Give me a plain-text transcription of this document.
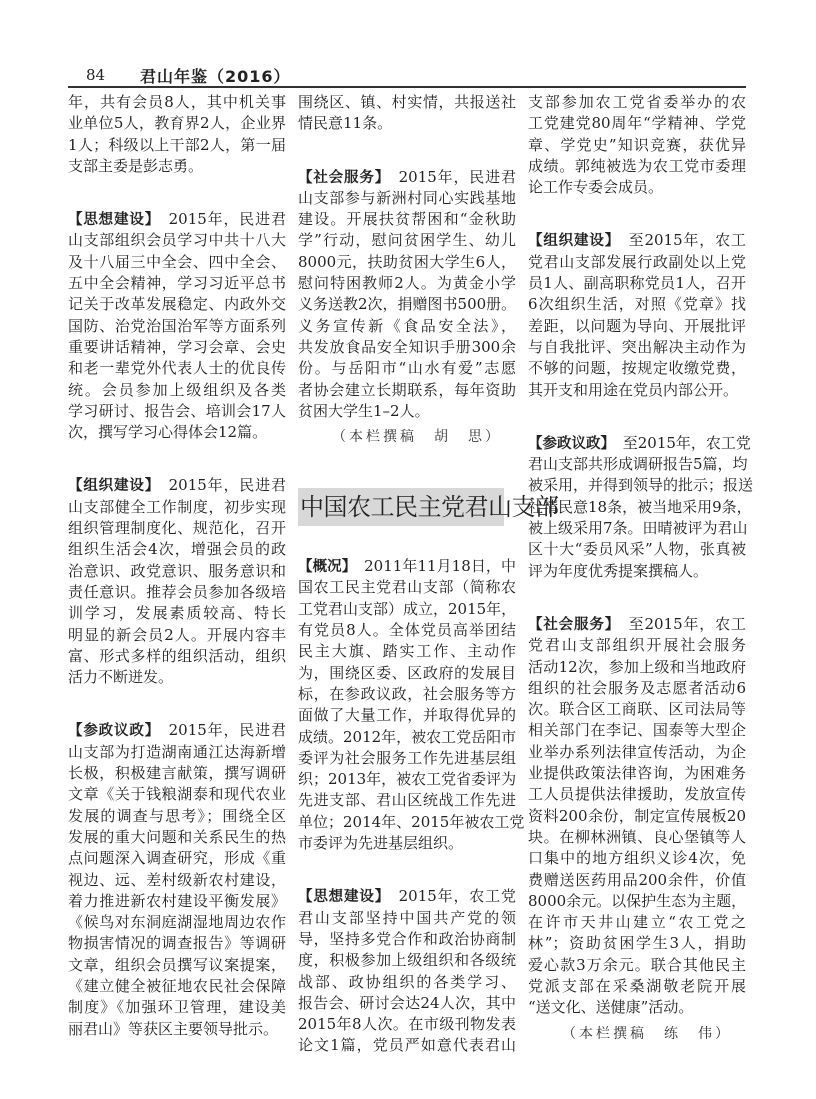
84 君山年鉴（2016）
年，共有会员8人，其中机关事
业单位5人，教育界2人，企业界
1人；科级以上干部2人，第一届
支部主委是彭志勇。
【思想建设】　2015年，民进君
山支部组织会员学习中共十八大
及十八届三中全会、四中全会、
五中全会精神，学习习近平总书
记关于改革发展稳定、内政外交
国防、治党治国治军等方面系列
重要讲话精神，学习会章、会史
和老一辈党外代表人士的优良传
统。会员参加上级组织及各类
学习研讨、报告会、培训会17人
次，撰写学习心得体会12篇。
【组织建设】　2015年，民进君
山支部健全工作制度，初步实现
组织管理制度化、规范化，召开
组织生活会4次，增强会员的政
治意识、政党意识、服务意识和
责任意识。推荐会员参加各级培
训学习，发展素质较高、特长
明显的新会员2人。开展内容丰
富、形式多样的组织活动，组织
活力不断迸发。
【参政议政】　2015年，民进君
山支部为打造湖南通江达海新增
长极，积极建言献策，撰写调研
文章《关于钱粮湖泰和现代农业
发展的调查与思考》；围绕全区
发展的重大问题和关系民生的热
点问题深入调查研究，形成《重
视边、远、差村级新农村建设，
着力推进新农村建设平衡发展》
《候鸟对东洞庭湖湿地周边农作
物损害情况的调查报告》等调研
文章，组织会员撰写议案提案，
《建立健全被征地农民社会保障
制度》《加强环卫管理，建设美
丽君山》等获区主要领导批示。
围绕区、镇、村实情，共报送社
情民意11条。
【社会服务】　2015年，民进君
山支部参与新洲村同心实践基地
建设。开展扶贫帮困和“金秋助
学”行动，慰问贫困学生、幼儿
8000元，扶助贫困大学生6人，
慰问特困教师2人。为黄金小学
义务送教2次，捐赠图书500册。
义务宣传新《食品安全法》，
共发放食品安全知识手册300余
份。与岳阳市“山水有爱”志愿
者协会建立长期联系，每年资助
贫困大学生1–2人。
（本栏撰稿　胡　思）
中国农工民主党君山支部
【概况】　2011年11月18日，中
国农工民主党君山支部（简称农
工党君山支部）成立，2015年，
有党员8人。全体党员高举团结
民主大旗、踏实工作、主动作
为，围绕区委、区政府的发展目
标，在参政议政，社会服务等方
面做了大量工作，并取得优异的
成绩。2012年，被农工党岳阳市
委评为社会服务工作先进基层组
织；2013年，被农工党省委评为
先进支部、君山区统战工作先进
单位；2014年、2015年被农工党
市委评为先进基层组织。
【思想建设】　2015年，农工党
君山支部坚持中国共产党的领
导，坚持多党合作和政治协商制
度，积极参加上级组织和各级统
战部、政协组织的各类学习、
报告会、研讨会达24人次，其中
2015年8人次。在市级刊物发表
论文1篇，党员严如意代表君山
支部参加农工党省委举办的农
工党建党80周年“学精神、学党
章、学党史”知识竞赛，获优异
成绩。郭纯被选为农工党市委理
论工作专委会成员。
【组织建设】　至2015年，农工
党君山支部发展行政副处以上党
员1人、副高职称党员1人，召开
6次组织生活，对照《党章》找
差距，以问题为导向、开展批评
与自我批评、突出解决主动作为
不够的问题，按规定收缴党费，
其开支和用途在党员内部公开。
【参政议政】　至2015年，农工党
君山支部共形成调研报告5篇，均
被采用，并得到领导的批示；报送
社情民意18条，被当地采用9条，
被上级采用7条。田晴被评为君山
区十大“委员风采”人物，张真被
评为年度优秀提案撰稿人。
【社会服务】　至2015年，农工
党君山支部组织开展社会服务
活动12次，参加上级和当地政府
组织的社会服务及志愿者活动6
次。联合区工商联、区司法局等
相关部门在李记、国泰等大型企
业举办系列法律宣传活动，为企
业提供政策法律咨询，为困难务
工人员提供法律援助，发放宣传
资料200余份，制定宣传展板20
块。在柳林洲镇、良心堡镇等人
口集中的地方组织义诊4次，免
费赠送医药用品200余件，价值
8000余元。以保护生态为主题，
在许市天井山建立“农工党之
林”；资助贫困学生3人，捐助
爱心款3万余元。联合其他民主
党派支部在采桑湖敬老院开展
“送文化、送健康”活动。
（本栏撰稿　练　伟）
